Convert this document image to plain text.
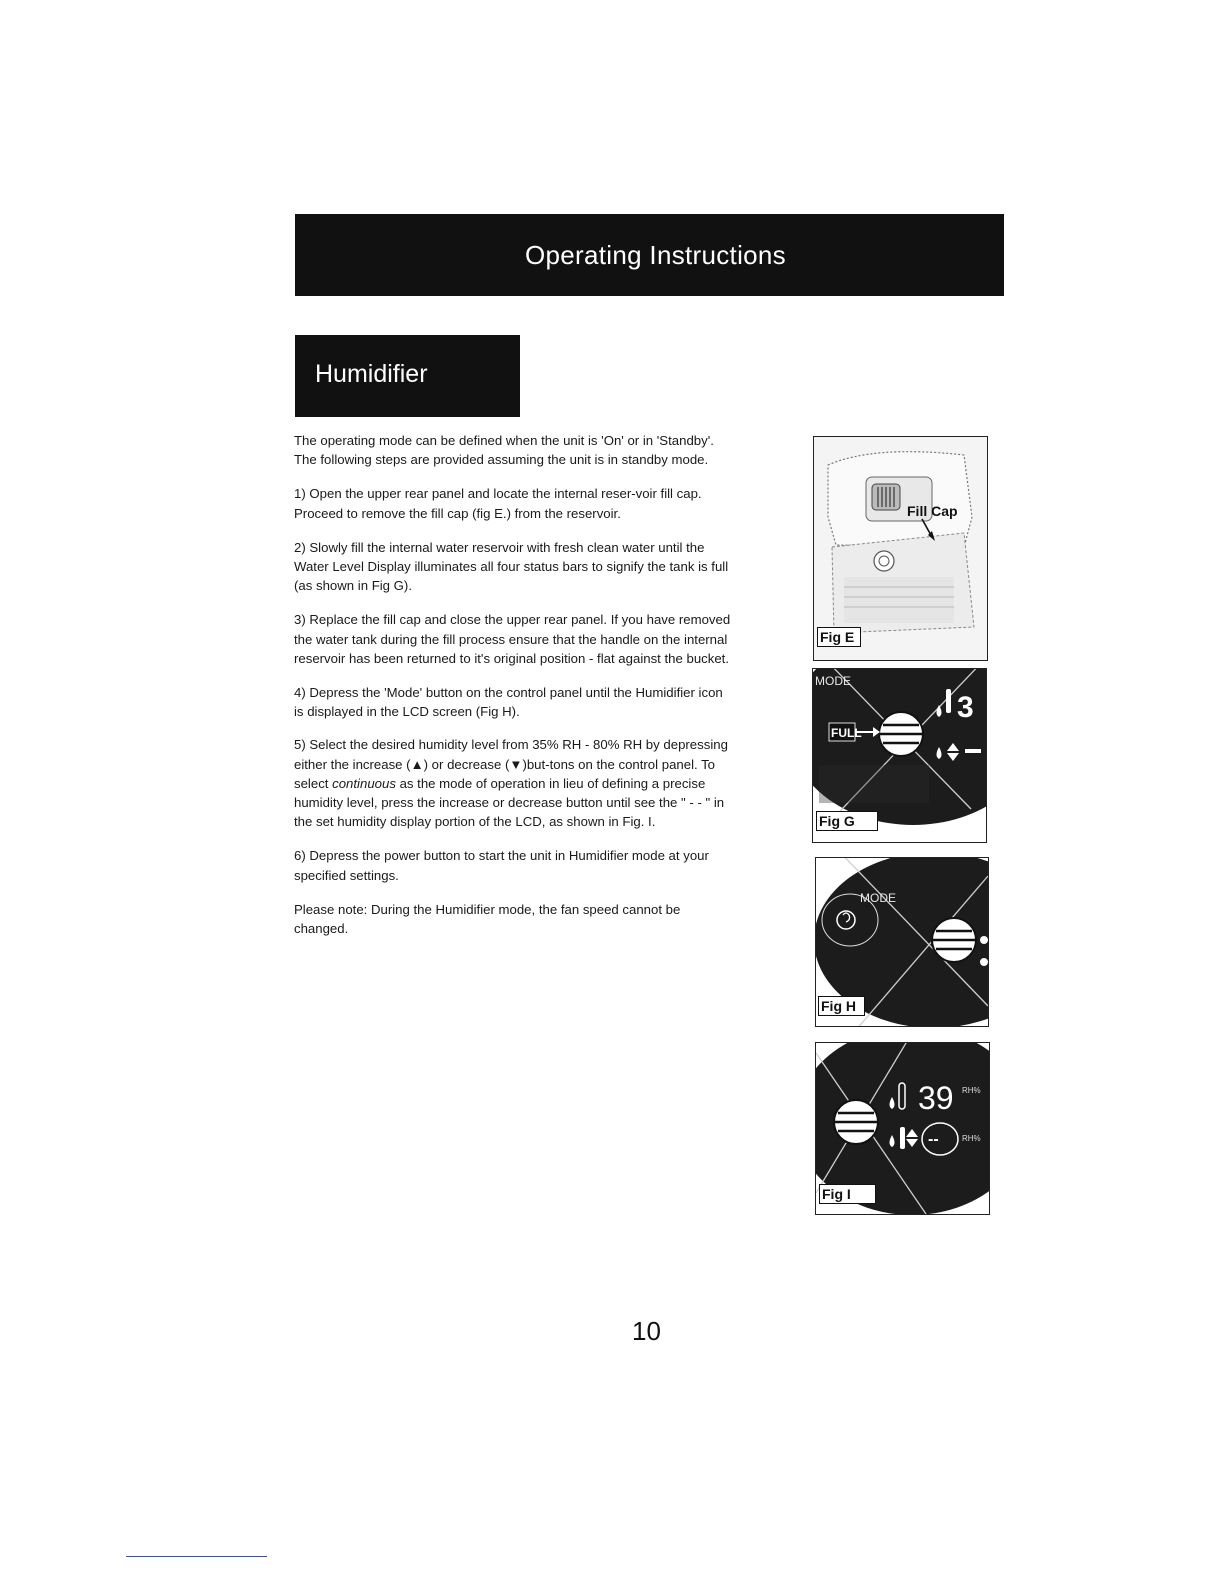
Operating Instructions
Humidifier

The operating mode can be defined when the unit is 'On' or in 'Standby'. The following steps are provided assuming the unit is in standby mode.

1) Open the upper rear panel and locate the internal reser-voir fill cap. Proceed to remove the fill cap (fig E.) from the reservoir.

2) Slowly fill the internal water reservoir with fresh clean water until the Water Level Display illuminates all four status bars to signify the tank is full (as shown in Fig G).

3) Replace the fill cap and close the upper rear panel. If you have removed the water tank during the fill process ensure that the handle on the internal reservoir has been returned to it's original position - flat against the bucket.

4) Depress the 'Mode' button on the control panel until the Humidifier icon is displayed in the LCD screen (Fig H).

5) Select the desired humidity level from 35% RH - 80% RH by depressing either the increase (▲) or decrease (▼)but-tons on the control panel. To select continuous as the mode of operation in lieu of defining a precise humidity level, press the increase or decrease button until see the " - - " in the set humidity display portion of the LCD, as shown in Fig. I.

6) Depress the power button to start the unit in Humidifier mode at your specified settings.

Please note: During the Humidifier mode, the fan speed cannot be changed.

Fill Cap
Fig E
MODE
FULL
3
Fig G
MODE
Fig H
39 RH%
--	RH%
Fig I
10
